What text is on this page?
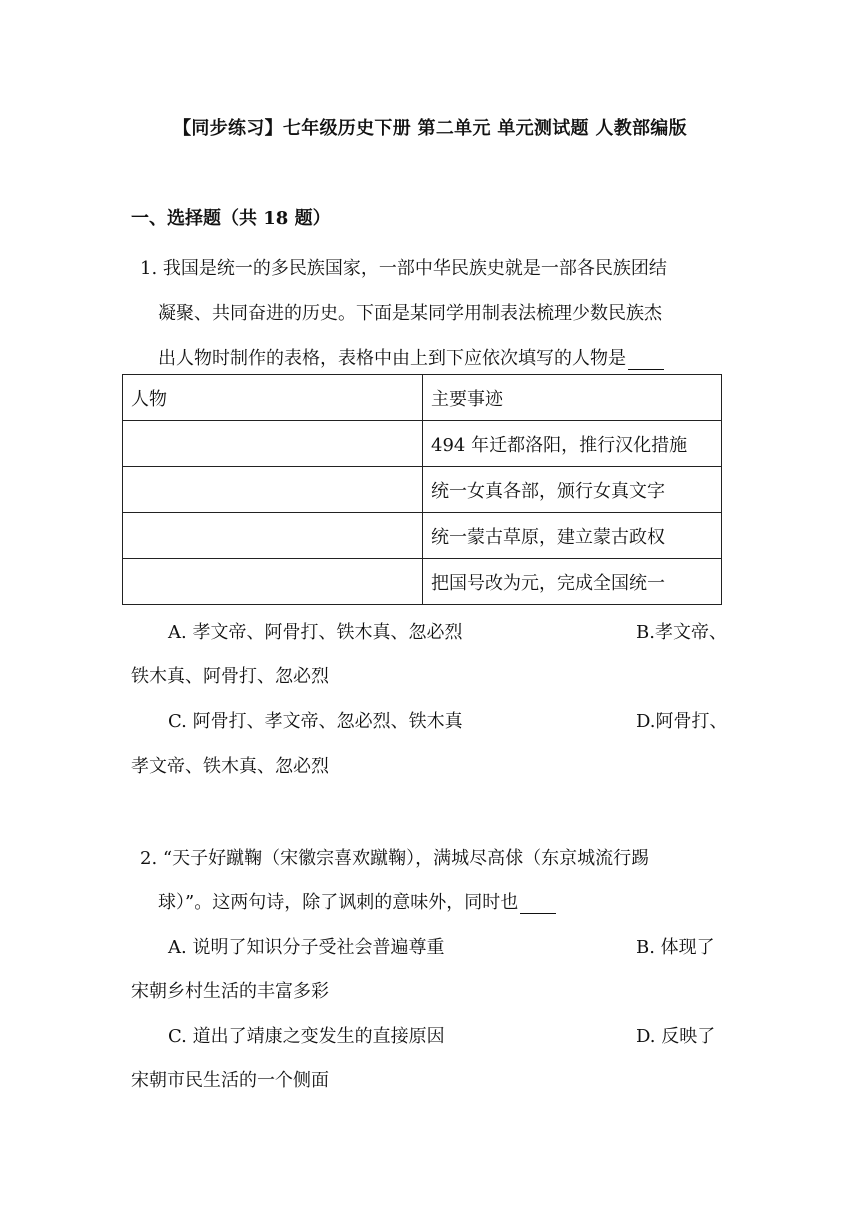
【同步练习】七年级历史下册 第二单元 单元测试题 人教部编版
一、选择题（共 18 题）
1. 我国是统一的多民族国家，一部中华民族史就是一部各民族团结
凝聚、共同奋进的历史。下面是某同学用制表法梳理少数民族杰
出人物时制作的表格，表格中由上到下应依次填写的人物是
人物	主要事迹
	494 年迁都洛阳，推行汉化措施
	统一女真各部，颁行女真文字
	统一蒙古草原，建立蒙古政权
	把国号改为元，完成全国统一
A. 孝文帝、阿骨打、铁木真、忽必烈	B.孝文帝、
铁木真、阿骨打、忽必烈
C. 阿骨打、孝文帝、忽必烈、铁木真	D.阿骨打、
孝文帝、铁木真、忽必烈
2. “天子好蹴鞠（宋徽宗喜欢蹴鞠），满城尽高俅（东京城流行踢
球）”。这两句诗，除了讽刺的意味外，同时也
A. 说明了知识分子受社会普遍尊重	B. 体现了
宋朝乡村生活的丰富多彩
C. 道出了靖康之变发生的直接原因	D. 反映了
宋朝市民生活的一个侧面
